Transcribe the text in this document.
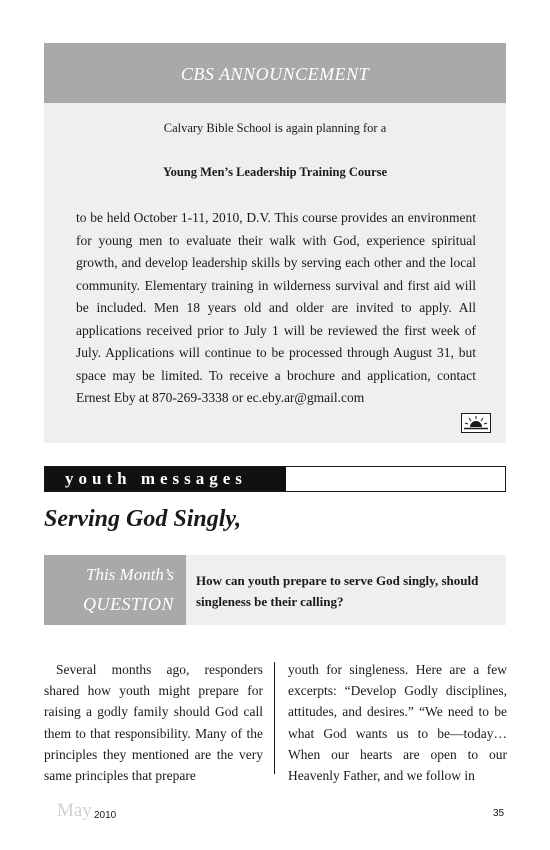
CBS ANNOUNCEMENT
Calvary Bible School is again planning for a
Young Men’s Leadership Training Course
to be held October 1-11, 2010, D.V. This course provides an environment for young men to evaluate their walk with God, experience spiritual growth, and develop leadership skills by serving each other and the local community. Elementary training in wilderness survival and first aid will be included. Men 18 years old and older are invited to apply. All applications received prior to July 1 will be reviewed the first week of July. Applications will continue to be processed through August 31, but space may be limited. To receive a brochure and application, contact Ernest Eby at 870-269-3338 or ec.eby.ar@gmail.com
youth messages
Serving God Singly,
This Month’s
QUESTION
How can youth prepare to serve God singly, should singleness be their calling?
Several months ago, responders shared how youth might prepare for raising a godly family should God call them to that responsibility. Many of the principles they mentioned are the very same principles that prepare
youth for singleness. Here are a few excerpts: “Develop Godly disciplines, attitudes, and desires.” “We need to be what God wants us to be—today… When our hearts are open to our Heavenly Father, and we follow in
May 2010	35
